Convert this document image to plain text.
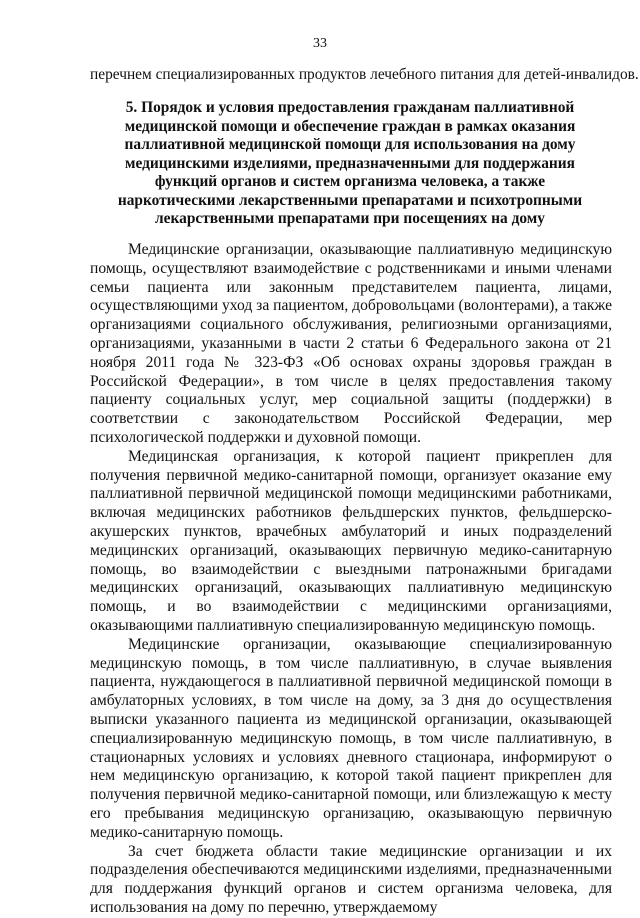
33
перечнем специализированных продуктов лечебного питания для детей-инвалидов.
5. Порядок и условия предоставления гражданам паллиативной медицинской помощи и обеспечение граждан в рамках оказания паллиативной медицинской помощи для использования на дому медицинскими изделиями, предназначенными для поддержания функций органов и систем организма человека, а также наркотическими лекарственными препаратами и психотропными лекарственными препаратами при посещениях на дому

Медицинские организации, оказывающие паллиативную медицинскую помощь, осуществляют взаимодействие с родственниками и иными членами семьи пациента или законным представителем пациента, лицами, осуществляющими уход за пациентом, добровольцами (волонтерами), а также организациями социального обслуживания, религиозными организациями, организациями, указанными в части 2 статьи 6 Федерального закона от 21 ноября 2011 года № 323-ФЗ «Об основах охраны здоровья граждан в Российской Федерации», в том числе в целях предоставления такому пациенту социальных услуг, мер социальной защиты (поддержки) в соответствии с законодательством Российской Федерации, мер психологической поддержки и духовной помощи.

Медицинская организация, к которой пациент прикреплен для получения первичной медико-санитарной помощи, организует оказание ему паллиативной первичной медицинской помощи медицинскими работниками, включая медицинских работников фельдшерских пунктов, фельдшерско-акушерских пунктов, врачебных амбулаторий и иных подразделений медицинских организаций, оказывающих первичную медико-санитарную помощь, во взаимодействии с выездными патронажными бригадами медицинских организаций, оказывающих паллиативную медицинскую помощь, и во взаимодействии с медицинскими организациями, оказывающими паллиативную специализированную медицинскую помощь.

Медицинские организации, оказывающие специализированную медицинскую помощь, в том числе паллиативную, в случае выявления пациента, нуждающегося в паллиативной первичной медицинской помощи в амбулаторных условиях, в том числе на дому, за 3 дня до осуществления выписки указанного пациента из медицинской организации, оказывающей специализированную медицинскую помощь, в том числе паллиативную, в стационарных условиях и условиях дневного стационара, информируют о нем медицинскую организацию, к которой такой пациент прикреплен для получения первичной медико-санитарной помощи, или близлежащую к месту его пребывания медицинскую организацию, оказывающую первичную медико-санитарную помощь.

За счет бюджета области такие медицинские организации и их подразделения обеспечиваются медицинскими изделиями, предназначенными для поддержания функций органов и систем организма человека, для использования на дому по перечню, утверждаемому
